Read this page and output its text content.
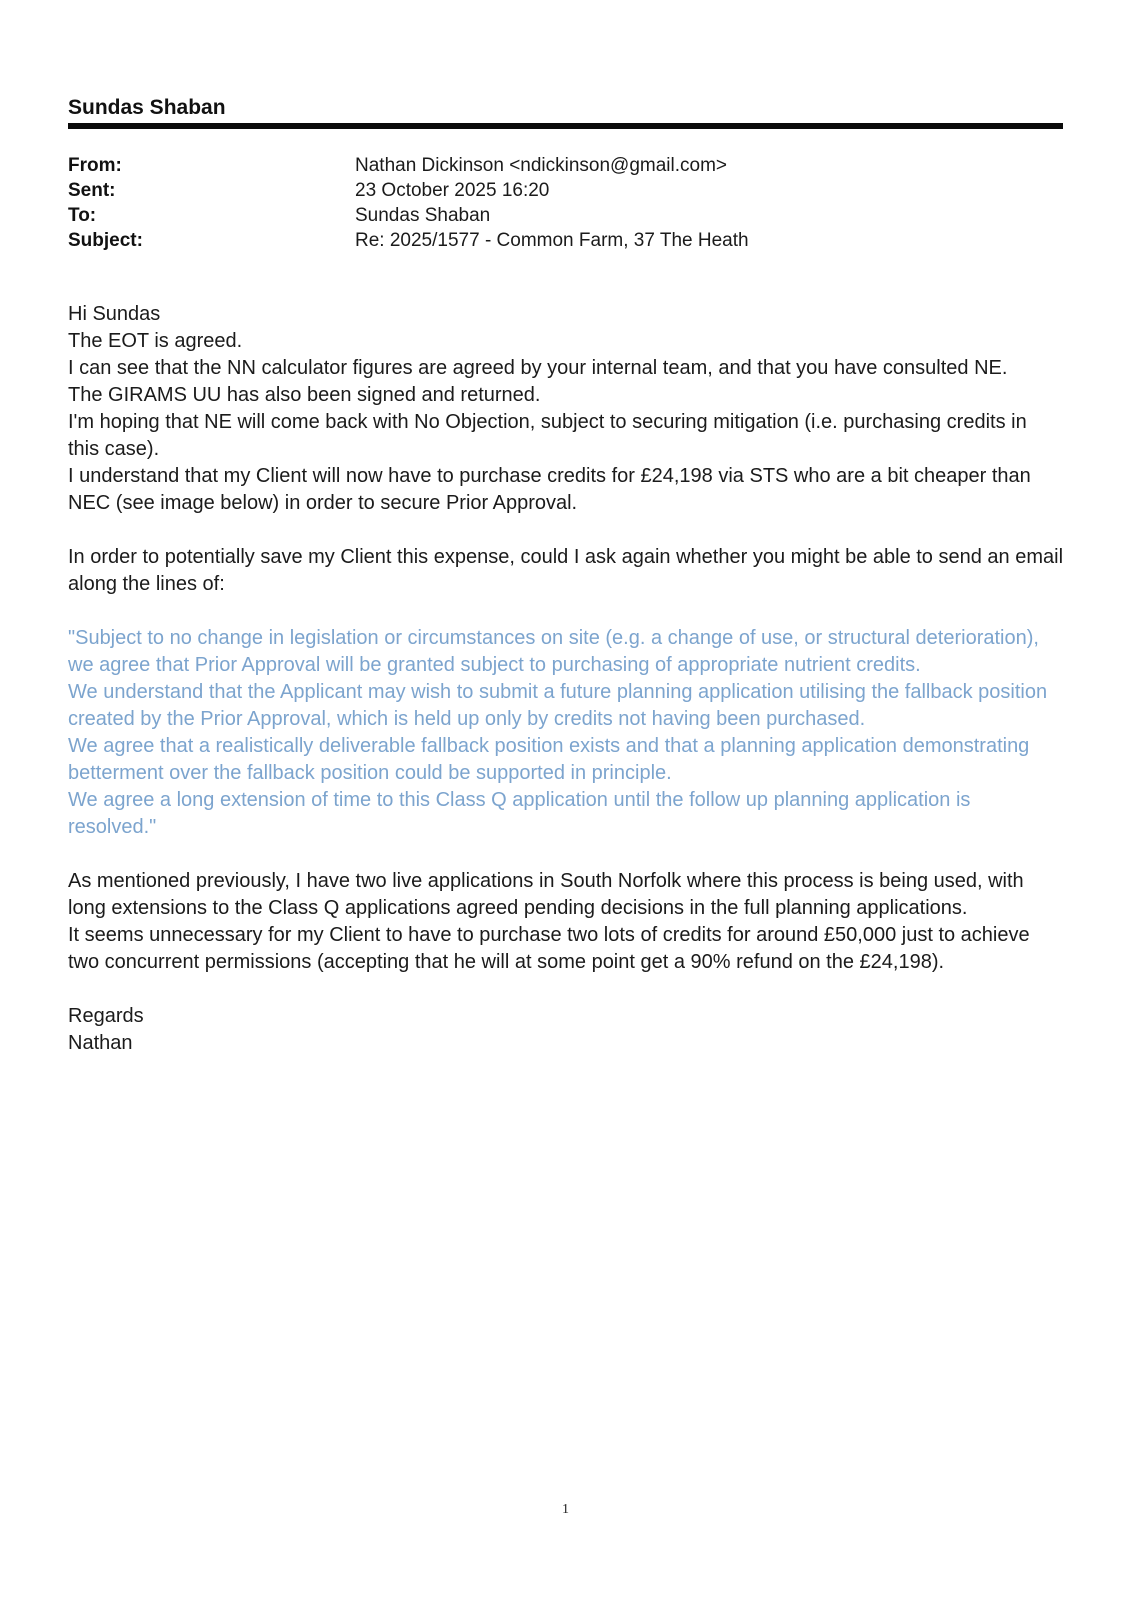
Sundas Shaban
From:	Nathan Dickinson <ndickinson@gmail.com>
Sent:	23 October 2025 16:20
To:	Sundas Shaban
Subject:	Re: 2025/1577 - Common Farm, 37 The Heath
Hi Sundas
The EOT is agreed.
I can see that the NN calculator figures are agreed by your internal team, and that you have consulted NE.
The GIRAMS UU has also been signed and returned.
I'm hoping that NE will come back with No Objection, subject to securing mitigation (i.e. purchasing credits in this case).
I understand that my Client will now have to purchase credits for £24,198 via STS who are a bit cheaper than NEC (see image below) in order to secure Prior Approval.
In order to potentially save my Client this expense, could I ask again whether you might be able to send an email along the lines of:
"Subject to no change in legislation or circumstances on site (e.g. a change of use, or structural deterioration), we agree that Prior Approval will be granted subject to purchasing of appropriate nutrient credits.
We understand that the Applicant may wish to submit a future planning application utilising the fallback position created by the Prior Approval, which is held up only by credits not having been purchased.
We agree that a realistically deliverable fallback position exists and that a planning application demonstrating betterment over the fallback position could be supported in principle.
We agree a long extension of time to this Class Q application until the follow up planning application is resolved."
As mentioned previously, I have two live applications in South Norfolk where this process is being used, with long extensions to the Class Q applications agreed pending decisions in the full planning applications.
It seems unnecessary for my Client to have to purchase two lots of credits for around £50,000 just to achieve two concurrent permissions (accepting that he will at some point get a 90% refund on the £24,198).
Regards
Nathan
1
